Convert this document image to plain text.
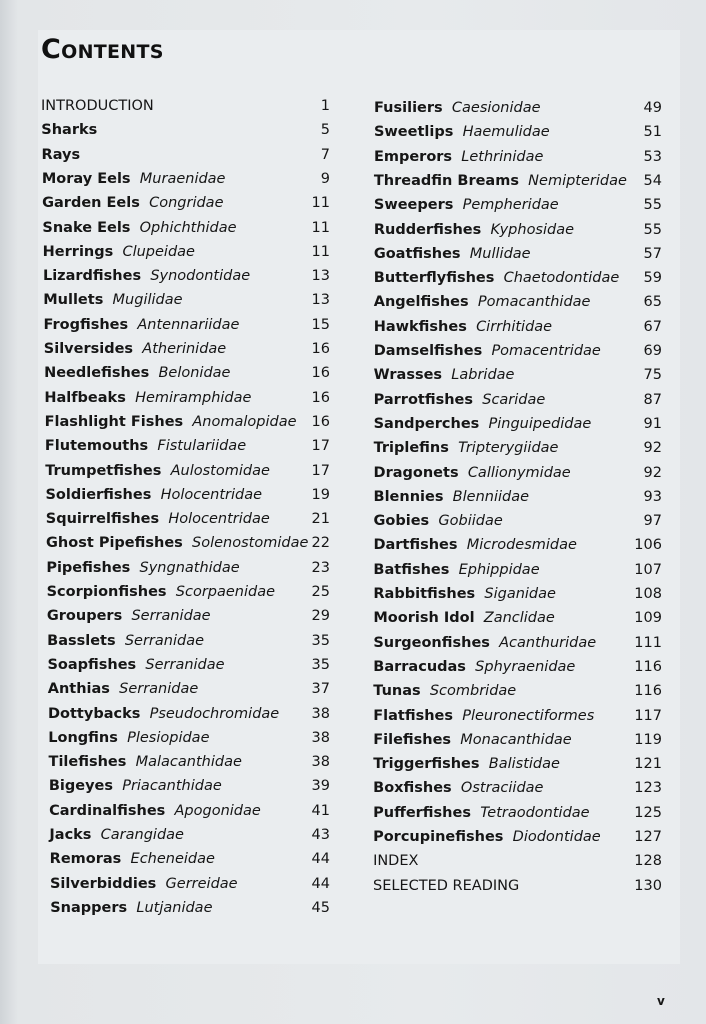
Contents
INTRODUCTION	1
Sharks	5
Rays	7
Moray Eels Muraenidae	9
Garden Eels Congridae	11
Snake Eels Ophichthidae	11
Herrings Clupeidae	11
Lizardfishes Synodontidae	13
Mullets Mugilidae	13
Frogfishes Antennariidae	15
Silversides Atherinidae	16
Needlefishes Belonidae	16
Halfbeaks Hemiramphidae	16
Flashlight Fishes Anomalopidae	16
Flutemouths Fistulariidae	17
Trumpetfishes Aulostomidae	17
Soldierfishes Holocentridae	19
Squirrelfishes Holocentridae	21
Ghost Pipefishes Solenostomidae 22
Pipefishes Syngnathidae	23
Scorpionfishes Scorpaenidae	25
Groupers Serranidae	29
Basslets Serranidae	35
Soapfishes Serranidae	35
Anthias Serranidae	37
Dottybacks Pseudochromidae	38
Longfins Plesiopidae	38
Tilefishes Malacanthidae	38
Bigeyes Priacanthidae	39
Cardinalfishes Apogonidae	41
Jacks Carangidae	43
Remoras Echeneidae	44
Silverbiddies Gerreidae	44
Snappers Lutjanidae	45
Fusiliers Caesionidae	49
Sweetlips Haemulidae	51
Emperors Lethrinidae	53
Threadfin Breams Nemipteridae	54
Sweepers Pempheridae	55
Rudderfishes Kyphosidae	55
Goatfishes Mullidae	57
Butterflyfishes Chaetodontidae	59
Angelfishes Pomacanthidae	65
Hawkfishes Cirrhitidae	67
Damselfishes Pomacentridae	69
Wrasses Labridae	75
Parrotfishes Scaridae	87
Sandperches Pinguipedidae	91
Triplefins Tripterygiidae	92
Dragonets Callionymidae	92
Blennies Blenniidae	93
Gobies Gobiidae	97
Dartfishes Microdesmidae	106
Batfishes Ephippidae	107
Rabbitfishes Siganidae	108
Moorish Idol Zanclidae	109
Surgeonfishes Acanthuridae	111
Barracudas Sphyraenidae	116
Tunas Scombridae	116
Flatfishes Pleuronectiformes	117
Filefishes Monacanthidae	119
Triggerfishes Balistidae	121
Boxfishes Ostraciidae	123
Pufferfishes Tetraodontidae	125
Porcupinefishes Diodontidae	127
INDEX	128
SELECTED READING	130
v
